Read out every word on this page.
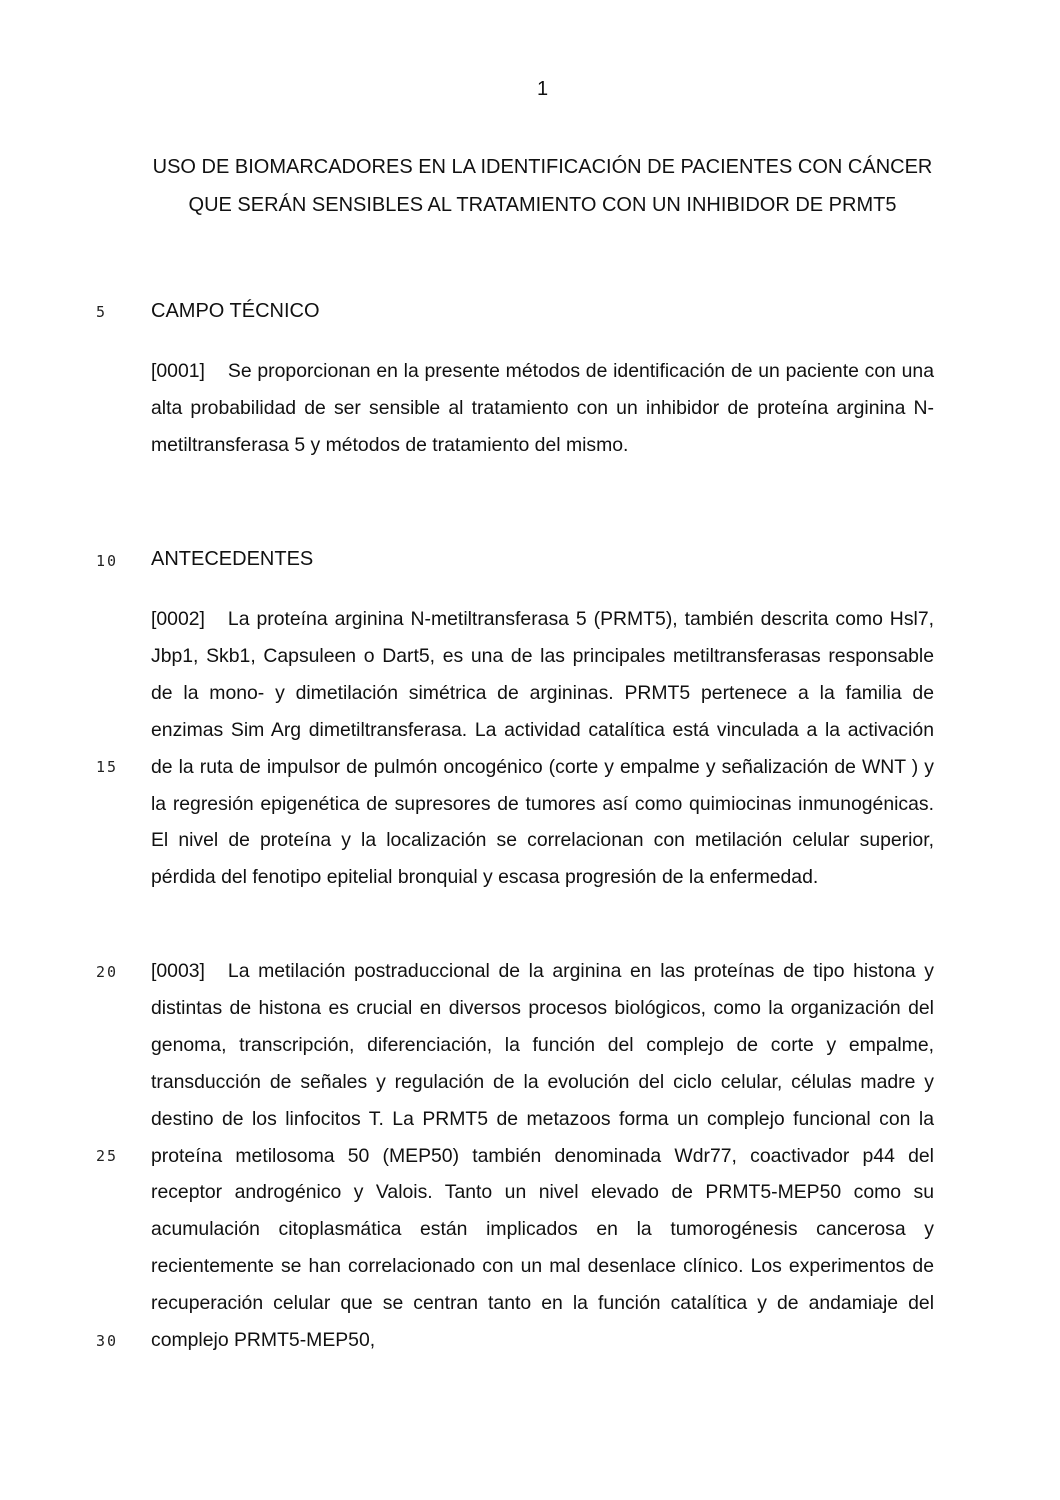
1
USO DE BIOMARCADORES EN LA IDENTIFICACIÓN DE PACIENTES CON CÁNCER QUE SERÁN SENSIBLES AL TRATAMIENTO CON UN INHIBIDOR DE PRMT5
5
10
15
20
25
30
CAMPO TÉCNICO
[0001] Se proporcionan en la presente métodos de identificación de un paciente con una alta probabilidad de ser sensible al tratamiento con un inhibidor de proteína arginina N-metiltransferasa 5 y métodos de tratamiento del mismo.
ANTECEDENTES
[0002] La proteína arginina N-metiltransferasa 5 (PRMT5), también descrita como Hsl7, Jbp1, Skb1, Capsuleen o Dart5, es una de las principales metiltransferasas responsable de la mono- y dimetilación simétrica de argininas. PRMT5 pertenece a la familia de enzimas Sim Arg dimetiltransferasa. La actividad catalítica está vinculada a la activación de la ruta de impulsor de pulmón oncogénico (corte y empalme y señalización de WNT ) y la regresión epigenética de supresores de tumores así como quimiocinas inmunogénicas. El nivel de proteína y la localización se correlacionan con metilación celular superior, pérdida del fenotipo epitelial bronquial y escasa progresión de la enfermedad.
[0003] La metilación postraduccional de la arginina en las proteínas de tipo histona y distintas de histona es crucial en diversos procesos biológicos, como la organización del genoma, transcripción, diferenciación, la función del complejo de corte y empalme, transducción de señales y regulación de la evolución del ciclo celular, células madre y destino de los linfocitos T. La PRMT5 de metazoos forma un complejo funcional con la proteína metilosoma 50 (MEP50) también denominada Wdr77, coactivador p44 del receptor androgénico y Valois. Tanto un nivel elevado de PRMT5-MEP50 como su acumulación citoplasmática están implicados en la tumorogénesis cancerosa y recientemente se han correlacionado con un mal desenlace clínico. Los experimentos de recuperación celular que se centran tanto en la función catalítica y de andamiaje del complejo PRMT5-MEP50,
